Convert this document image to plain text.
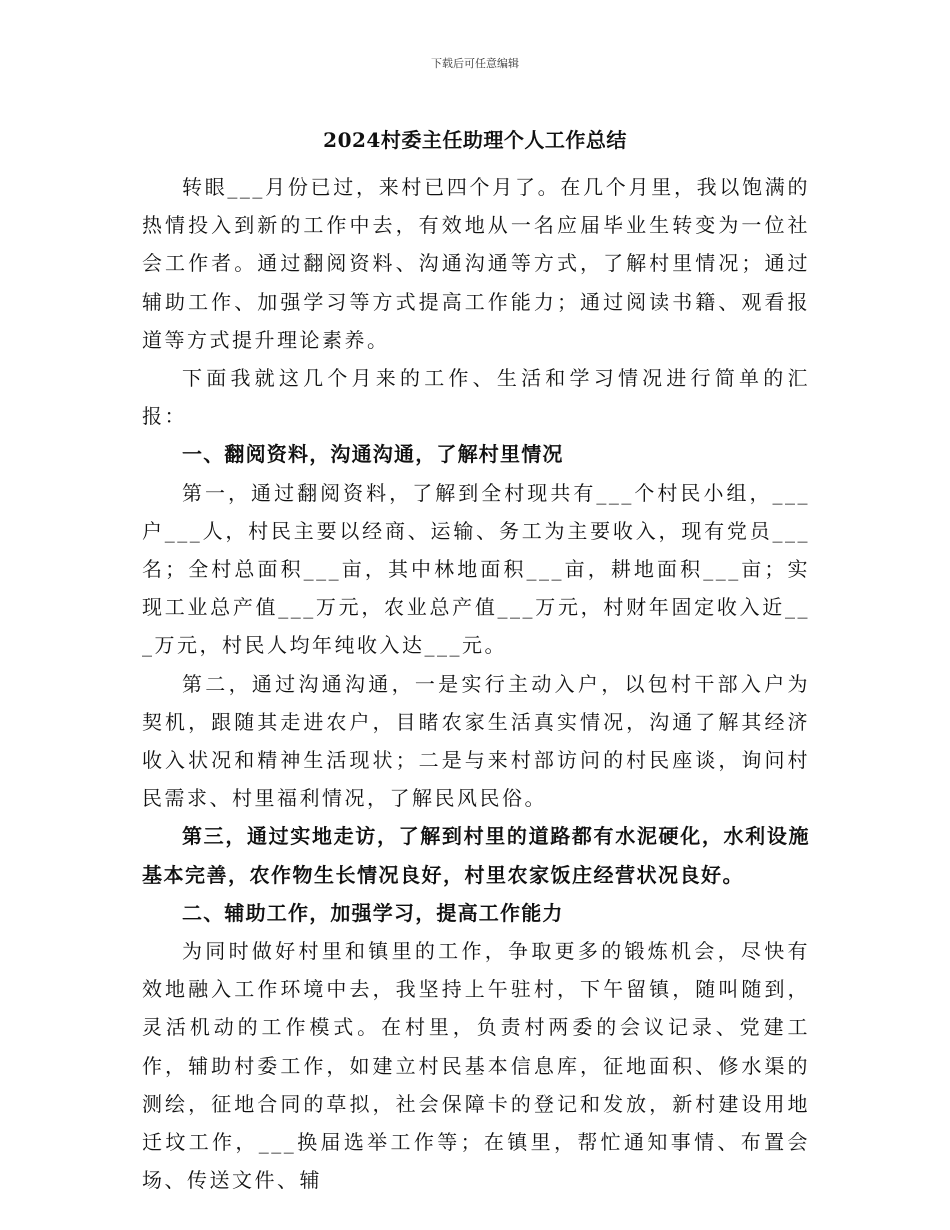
下载后可任意编辑
2024村委主任助理个人工作总结

转眼___月份已过，来村已四个月了。在几个月里，我以饱满的热情投入到新的工作中去，有效地从一名应届毕业生转变为一位社会工作者。通过翻阅资料、沟通沟通等方式，了解村里情况；通过辅助工作、加强学习等方式提高工作能力；通过阅读书籍、观看报道等方式提升理论素养。

下面我就这几个月来的工作、生活和学习情况进行简单的汇报：

一、翻阅资料，沟通沟通，了解村里情况

第一，通过翻阅资料，了解到全村现共有___个村民小组，___户___人，村民主要以经商、运输、务工为主要收入，现有党员___名；全村总面积___亩，其中林地面积___亩，耕地面积___亩；实现工业总产值___万元，农业总产值___万元，村财年固定收入近___万元，村民人均年纯收入达___元。

第二，通过沟通沟通，一是实行主动入户，以包村干部入户为契机，跟随其走进农户，目睹农家生活真实情况，沟通了解其经济收入状况和精神生活现状；二是与来村部访问的村民座谈，询问村民需求、村里福利情况，了解民风民俗。

第三，通过实地走访，了解到村里的道路都有水泥硬化，水利设施基本完善，农作物生长情况良好，村里农家饭庄经营状况良好。

二、辅助工作，加强学习，提高工作能力

为同时做好村里和镇里的工作，争取更多的锻炼机会，尽快有效地融入工作环境中去，我坚持上午驻村，下午留镇，随叫随到，灵活机动的工作模式。在村里，负责村两委的会议记录、党建工作，辅助村委工作，如建立村民基本信息库，征地面积、修水渠的测绘，征地合同的草拟，社会保障卡的登记和发放，新村建设用地迁坟工作，___换届选举工作等；在镇里，帮忙通知事情、布置会场、传送文件、辅
